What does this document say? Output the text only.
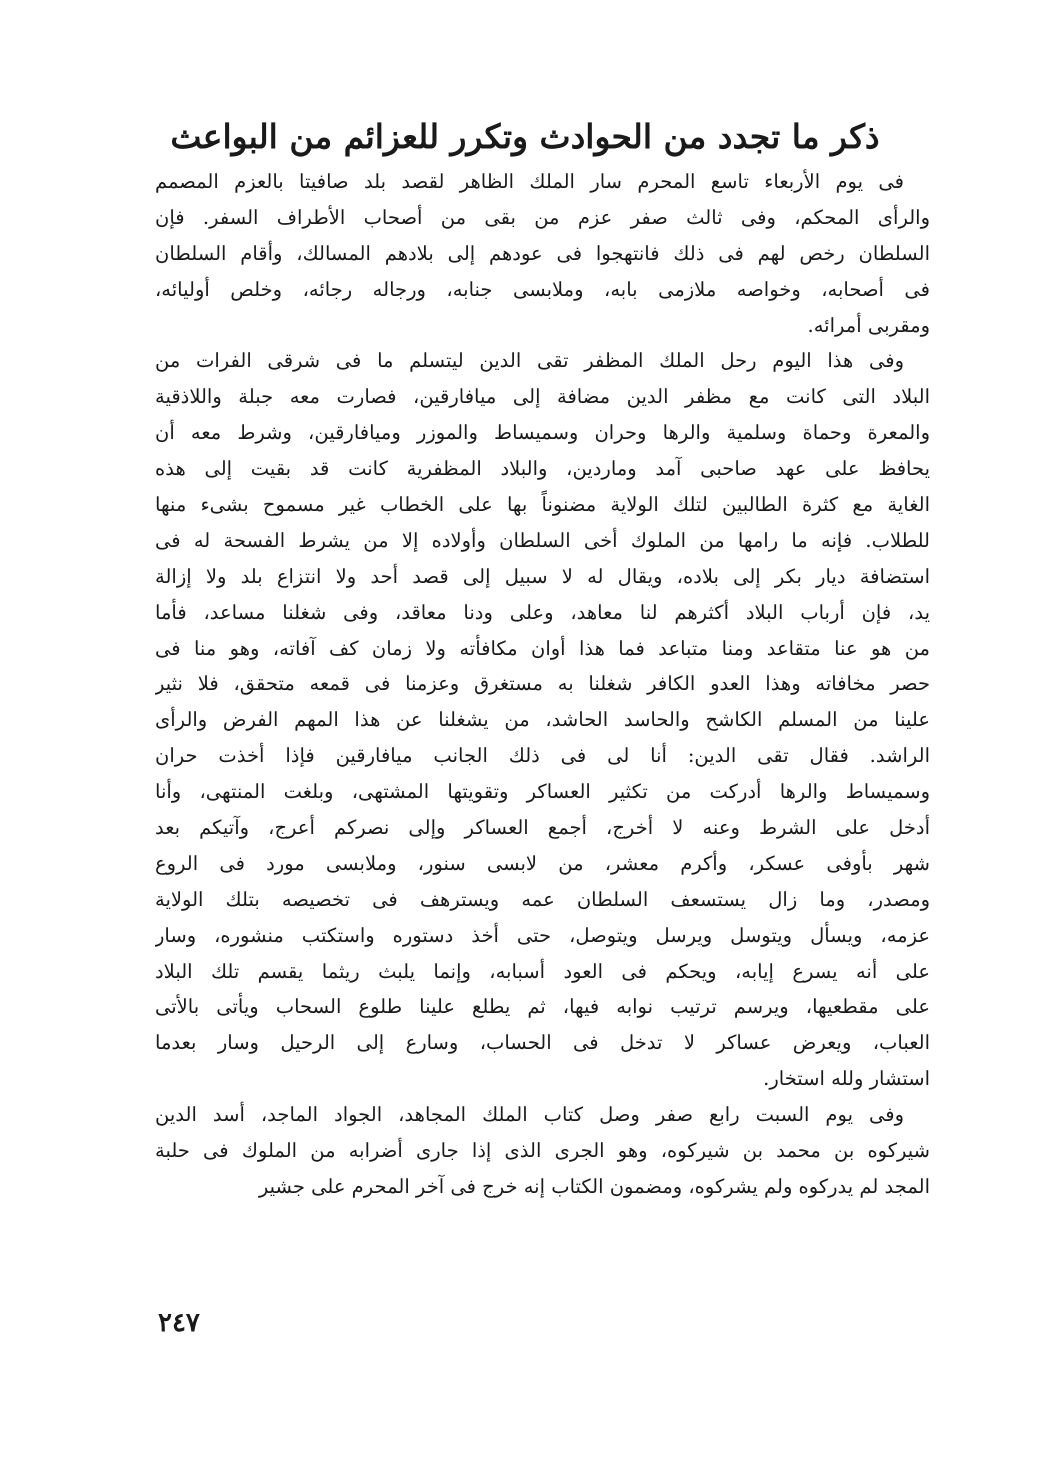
ذكر ما تجدد من الحوادث وتكرر للعزائم من البواعث
فى يوم الأربعاء تاسع المحرم سار الملك الظاهر لقصد بلد صافيتا بالعزم المصمم
والرأى المحكم، وفى ثالث صفر عزم من بقى من أصحاب الأطراف السفر. فإن
السلطان رخص لهم فى ذلك فانتهجوا فى عودهم إلى بلادهم المسالك، وأقام السلطان
فى أصحابه، وخواصه ملازمى بابه، وملابسى جنابه، ورجاله رجائه، وخلص أوليائه،
ومقربى أمرائه.
وفى هذا اليوم رحل الملك المظفر تقى الدين ليتسلم ما فى شرقى الفرات من
البلاد التى كانت مع مظفر الدين مضافة إلى ميافارقين، فصارت معه جبلة واللاذقية
والمعرة وحماة وسلمية والرها وحران وسميساط والموزر وميافارقين، وشرط معه أن
يحافظ على عهد صاحبى آمد وماردين، والبلاد المظفرية كانت قد بقيت إلى هذه
الغاية مع كثرة الطالبين لتلك الولاية مضنوناً بها على الخطاب غير مسموح بشىء منها
للطلاب. فإنه ما رامها من الملوك أخى السلطان وأولاده إلا من يشرط الفسحة له فى
استضافة ديار بكر إلى بلاده، ويقال له لا سبيل إلى قصد أحد ولا انتزاع بلد ولا إزالة
يد، فإن أرباب البلاد أكثرهم لنا معاهد، وعلى ودنا معاقد، وفى شغلنا مساعد، فأما
من هو عنا متقاعد ومنا متباعد فما هذا أوان مكافأته ولا زمان كف آفاته، وهو منا فى
حصر مخافاته وهذا العدو الكافر شغلنا به مستغرق وعزمنا فى قمعه متحقق، فلا نثير
علينا من المسلم الكاشح والحاسد الحاشد، من يشغلنا عن هذا المهم الفرض والرأى
الراشد. فقال تقى الدين: أنا لى فى ذلك الجانب ميافارقين فإذا أخذت حران
وسميساط والرها أدركت من تكثير العساكر وتقويتها المشتهى، وبلغت المنتهى، وأنا
أدخل على الشرط وعنه لا أخرج، أجمع العساكر وإلى نصركم أعرج، وآتيكم بعد
شهر بأوفى عسكر، وأكرم معشر، من لابسى سنور، وملابسى مورد فى الروع
ومصدر، وما زال يستسعف السلطان عمه ويسترهف فى تخصيصه بتلك الولاية
عزمه، ويسأل ويتوسل ويرسل ويتوصل، حتى أخذ دستوره واستكتب منشوره، وسار
على أنه يسرع إيابه، ويحكم فى العود أسبابه، وإنما يلبث ريثما يقسم تلك البلاد
على مقطعيها، ويرسم ترتيب نوابه فيها، ثم يطلع علينا طلوع السحاب ويأتى بالأتى
العباب، ويعرض عساكر لا تدخل فى الحساب، وسارع إلى الرحيل وسار بعدما
استشار ولله استخار.
وفى يوم السبت رابع صفر وصل كتاب الملك المجاهد، الجواد الماجد، أسد الدين
شيركوه بن محمد بن شيركوه، وهو الجرى الذى إذا جارى أضرابه من الملوك فى حلبة
المجد لم يدركوه ولم يشركوه، ومضمون الكتاب إنه خرج فى آخر المحرم على جشير

٢٤٧
